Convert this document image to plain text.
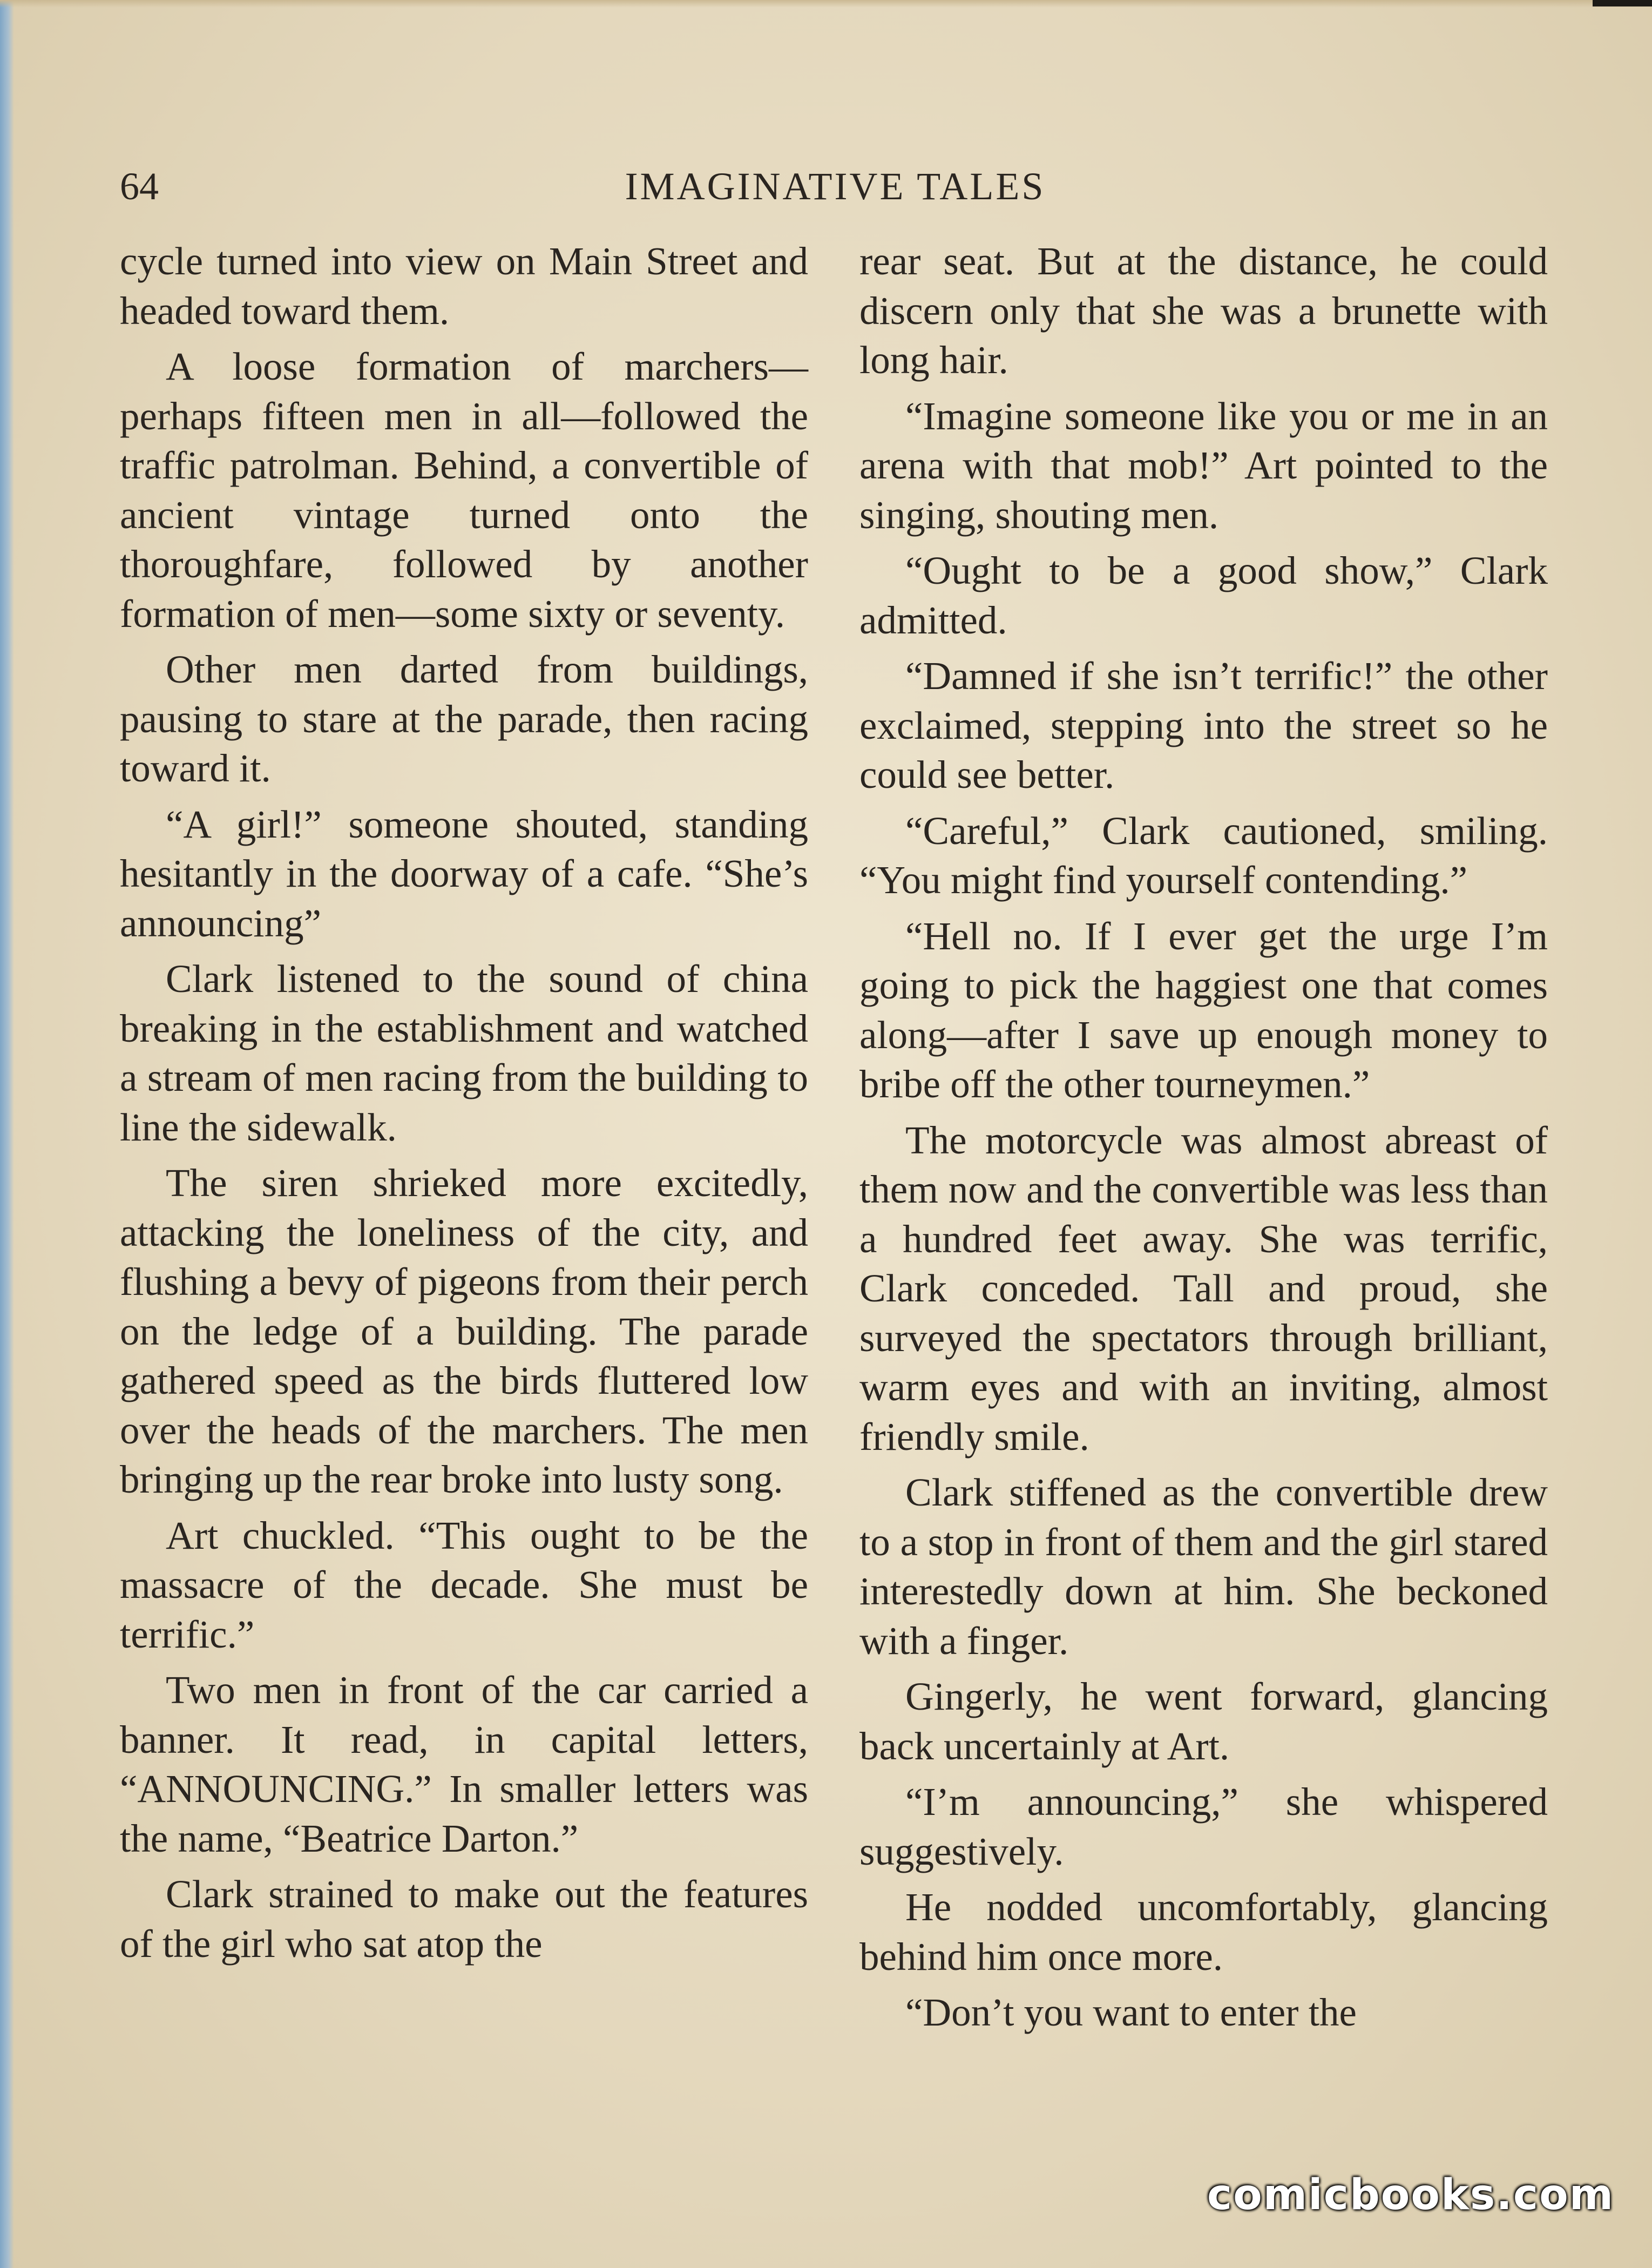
64	IMAGINATIVE TALES

cycle turned into view on Main Street and headed toward them.

A loose formation of marchers—perhaps fifteen men in all—followed the traffic patrolman. Behind, a convertible of ancient vintage turned onto the thoroughfare, followed by another formation of men—some sixty or seventy.

Other men darted from buildings, pausing to stare at the parade, then racing toward it.

“A girl!” someone shouted, standing hesitantly in the doorway of a cafe. “She’s announcing”

Clark listened to the sound of china breaking in the establishment and watched a stream of men racing from the building to line the sidewalk.

The siren shrieked more excitedly, attacking the loneliness of the city, and flushing a bevy of pigeons from their perch on the ledge of a building. The parade gathered speed as the birds fluttered low over the heads of the marchers. The men bringing up the rear broke into lusty song.

Art chuckled. “This ought to be the massacre of the decade. She must be terrific.”

Two men in front of the car carried a banner. It read, in capital letters, “ANNOUNCING.” In smaller letters was the name, “Beatrice Darton.”

Clark strained to make out the features of the girl who sat atop the

rear seat. But at the distance, he could discern only that she was a brunette with long hair.

“Imagine someone like you or me in an arena with that mob!” Art pointed to the singing, shouting men.

“Ought to be a good show,” Clark admitted.

“Damned if she isn’t terrific!” the other exclaimed, stepping into the street so he could see better.

“Careful,” Clark cautioned, smiling. “You might find yourself contending.”

“Hell no. If I ever get the urge I’m going to pick the haggiest one that comes along—after I save up enough money to bribe off the other tourneymen.”

The motorcycle was almost abreast of them now and the convertible was less than a hundred feet away. She was terrific, Clark conceded. Tall and proud, she surveyed the spectators through brilliant, warm eyes and with an inviting, almost friendly smile.

Clark stiffened as the convertible drew to a stop in front of them and the girl stared interestedly down at him. She beckoned with a finger.

Gingerly, he went forward, glancing back uncertainly at Art.

“I’m announcing,” she whispered suggestively.

He nodded uncomfortably, glancing behind him once more.

“Don’t you want to enter the

comicbooks.com
